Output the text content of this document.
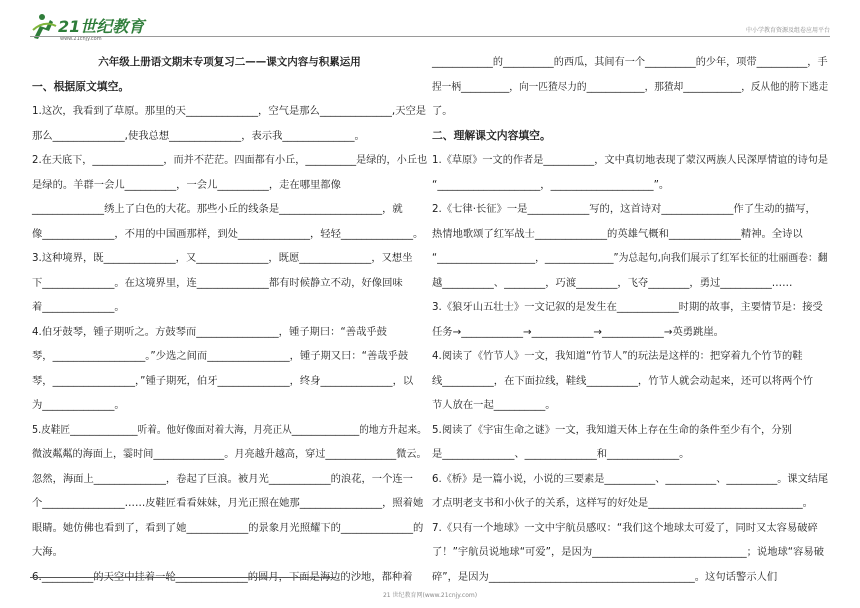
21世纪教育
www.21cnjy.com
中小学教育资源及组卷应用平台

六年级上册语文期末专项复习二——课文内容与积累运用

一、根据原文填空。

1.这次，我看到了草原。那里的天______________，空气是那么______________,天空是

那么______________,使我总想______________，表示我______________。

2.在天底下，______________，而并不茫茫。四面都有小丘，__________是绿的，小丘也

是绿的。羊群一会儿__________，一会儿__________，走在哪里都像

______________绣上了白色的大花。那些小丘的线条是____________________，就

像______________，不用的中国画那样，到处______________，轻轻______________。

3.这种境界，既______________，又______________，既愿______________，又想坐

下______________。在这境界里，连______________都有时候静立不动，好像回味

着______________。

4.伯牙鼓琴，锺子期听之。方鼓琴而________________，锺子期曰：“善哉乎鼓

琴，__________________。”少选之间而________________，锺子期又曰：“善哉乎鼓

琴，________________，”锺子期死，伯牙______________，终身______________，以

为______________。

5.皮鞋匠______________听着。他好像面对着大海，月亮正从______________的地方升起来。

微波粼粼的海面上，霎时间______________。月亮越升越高，穿过______________微云。

忽然，海面上______________，卷起了巨浪。被月光____________的浪花，一个连一

个________________……皮鞋匠看看妹妹，月光正照在她那________________，照着她

眼睛。她仿佛也看到了，看到了她____________的景象月光照耀下的______________的

大海。

6.__________的天空中挂着一轮______________的圆月，下面是海边的沙地，都种着

____________的__________的西瓜，其间有一个__________的少年，项带__________，手

捏一柄__________，向一匹猹尽力的____________，那猹却____________，反从他的胯下逃走

了。

二、理解课文内容填空。

1.《草原》一文的作者是__________，文中真切地表现了蒙汉两族人民深厚情谊的诗句是

“____________________，____________________”。

2.《七律·长征》一是____________写的，这首诗对______________作了生动的描写，

热情地歌颂了红军战士______________的英雄气概和______________精神。全诗以

“____________________，______________”为总起句,向我们展示了红军长征的壮丽画卷：翻

越__________、________，巧渡________，飞夺________，勇过__________……

3.《狼牙山五壮士》一文记叙的是发生在____________时期的故事，主要情节是：接受

任务→____________→____________→____________→英勇跳崖。

4.阅读了《竹节人》一文，我知道“竹节人”的玩法是这样的：把穿着九个竹节的鞋

线__________，在下面拉线，鞋线__________，竹节人就会动起来，还可以将两个竹

节人放在一起__________。

5.阅读了《宇宙生命之谜》一文，我知道天体上存在生命的条件至少有个，分别

是______________、______________和______________。

6.《桥》是一篇小说，小说的三要素是__________、__________、__________。课文结尾

才点明老支书和小伙子的关系，这样写的好处是______________________________。

7.《只有一个地球》一文中宇航员感叹：“我们这个地球太可爱了，同时又太容易破碎

了！”宇航员说地球“可爱”，是因为______________________________；说地球“容易破

碎”，是因为________________________________________。这句话警示人们

21 世纪教育网(www.21cnjy.com)
